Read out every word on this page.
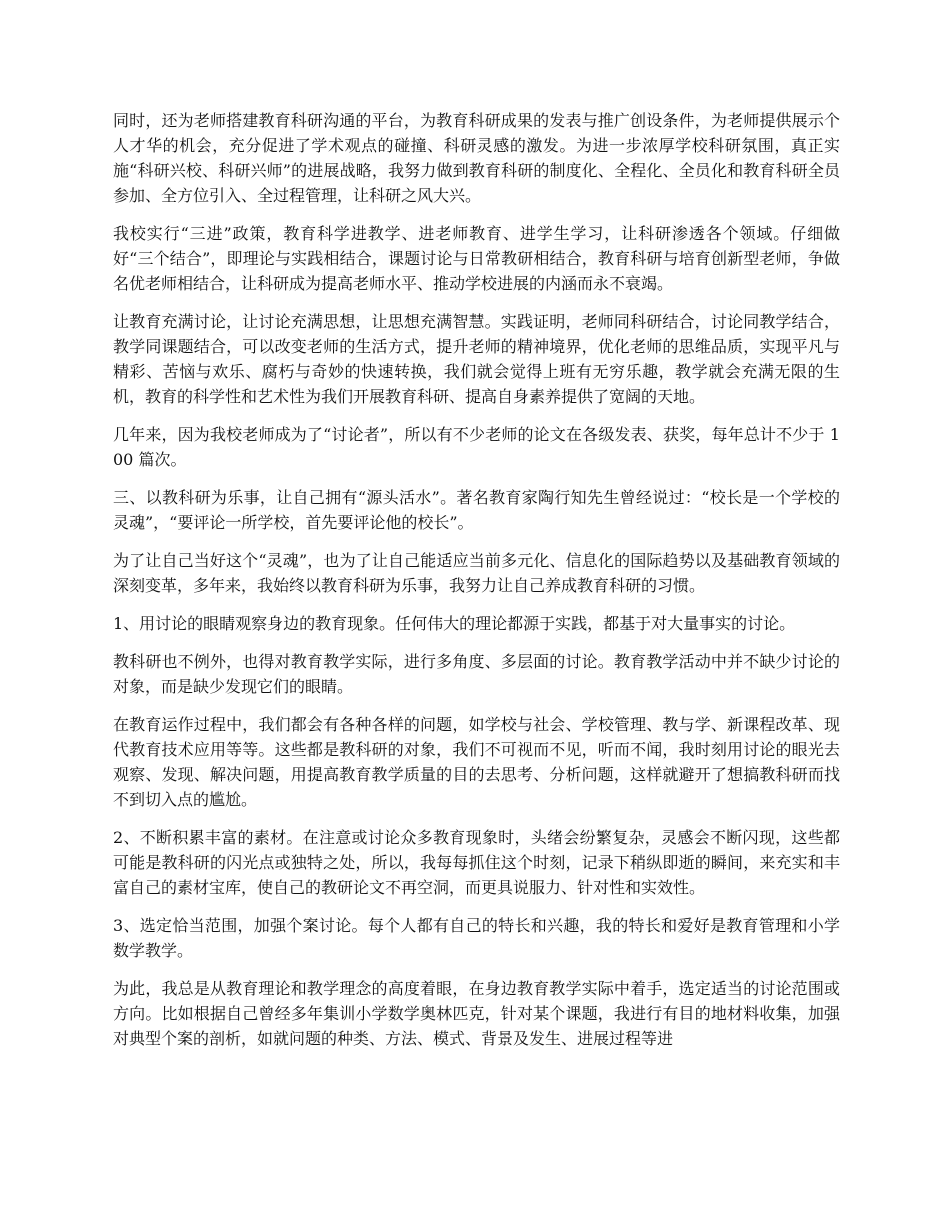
同时，还为老师搭建教育科研沟通的平台，为教育科研成果的发表与推广创设条件，为老师提供展示个人才华的机会，充分促进了学术观点的碰撞、科研灵感的激发。为进一步浓厚学校科研氛围，真正实施“科研兴校、科研兴师”的进展战略，我努力做到教育科研的制度化、全程化、全员化和教育科研全员参加、全方位引入、全过程管理，让科研之风大兴。

我校实行“三进”政策，教育科学进教学、进老师教育、进学生学习，让科研渗透各个领域。仔细做好“三个结合”，即理论与实践相结合，课题讨论与日常教研相结合，教育科研与培育创新型老师，争做名优老师相结合，让科研成为提高老师水平、推动学校进展的内涵而永不衰竭。

让教育充满讨论，让讨论充满思想，让思想充满智慧。实践证明，老师同科研结合，讨论同教学结合，教学同课题结合，可以改变老师的生活方式，提升老师的精神境界，优化老师的思维品质，实现平凡与精彩、苦恼与欢乐、腐朽与奇妙的快速转换，我们就会觉得上班有无穷乐趣，教学就会充满无限的生机，教育的科学性和艺术性为我们开展教育科研、提高自身素养提供了宽阔的天地。

几年来，因为我校老师成为了“讨论者”，所以有不少老师的论文在各级发表、获奖，每年总计不少于 100 篇次。

三、以教科研为乐事，让自己拥有“源头活水”。著名教育家陶行知先生曾经说过：“校长是一个学校的灵魂”，“要评论一所学校，首先要评论他的校长”。

为了让自己当好这个“灵魂”，也为了让自己能适应当前多元化、信息化的国际趋势以及基础教育领域的深刻变革，多年来，我始终以教育科研为乐事，我努力让自己养成教育科研的习惯。

1、用讨论的眼睛观察身边的教育现象。任何伟大的理论都源于实践，都基于对大量事实的讨论。

教科研也不例外，也得对教育教学实际，进行多角度、多层面的讨论。教育教学活动中并不缺少讨论的对象，而是缺少发现它们的眼睛。

在教育运作过程中，我们都会有各种各样的问题，如学校与社会、学校管理、教与学、新课程改革、现代教育技术应用等等。这些都是教科研的对象，我们不可视而不见，听而不闻，我时刻用讨论的眼光去观察、发现、解决问题，用提高教育教学质量的目的去思考、分析问题，这样就避开了想搞教科研而找不到切入点的尴尬。

2、不断积累丰富的素材。在注意或讨论众多教育现象时，头绪会纷繁复杂，灵感会不断闪现，这些都可能是教科研的闪光点或独特之处，所以，我每每抓住这个时刻，记录下稍纵即逝的瞬间，来充实和丰富自己的素材宝库，使自己的教研论文不再空洞，而更具说服力、针对性和实效性。

3、选定恰当范围，加强个案讨论。每个人都有自己的特长和兴趣，我的特长和爱好是教育管理和小学数学教学。

为此，我总是从教育理论和教学理念的高度着眼，在身边教育教学实际中着手，选定适当的讨论范围或方向。比如根据自己曾经多年集训小学数学奥林匹克，针对某个课题，我进行有目的地材料收集，加强对典型个案的剖析，如就问题的种类、方法、模式、背景及发生、进展过程等进
